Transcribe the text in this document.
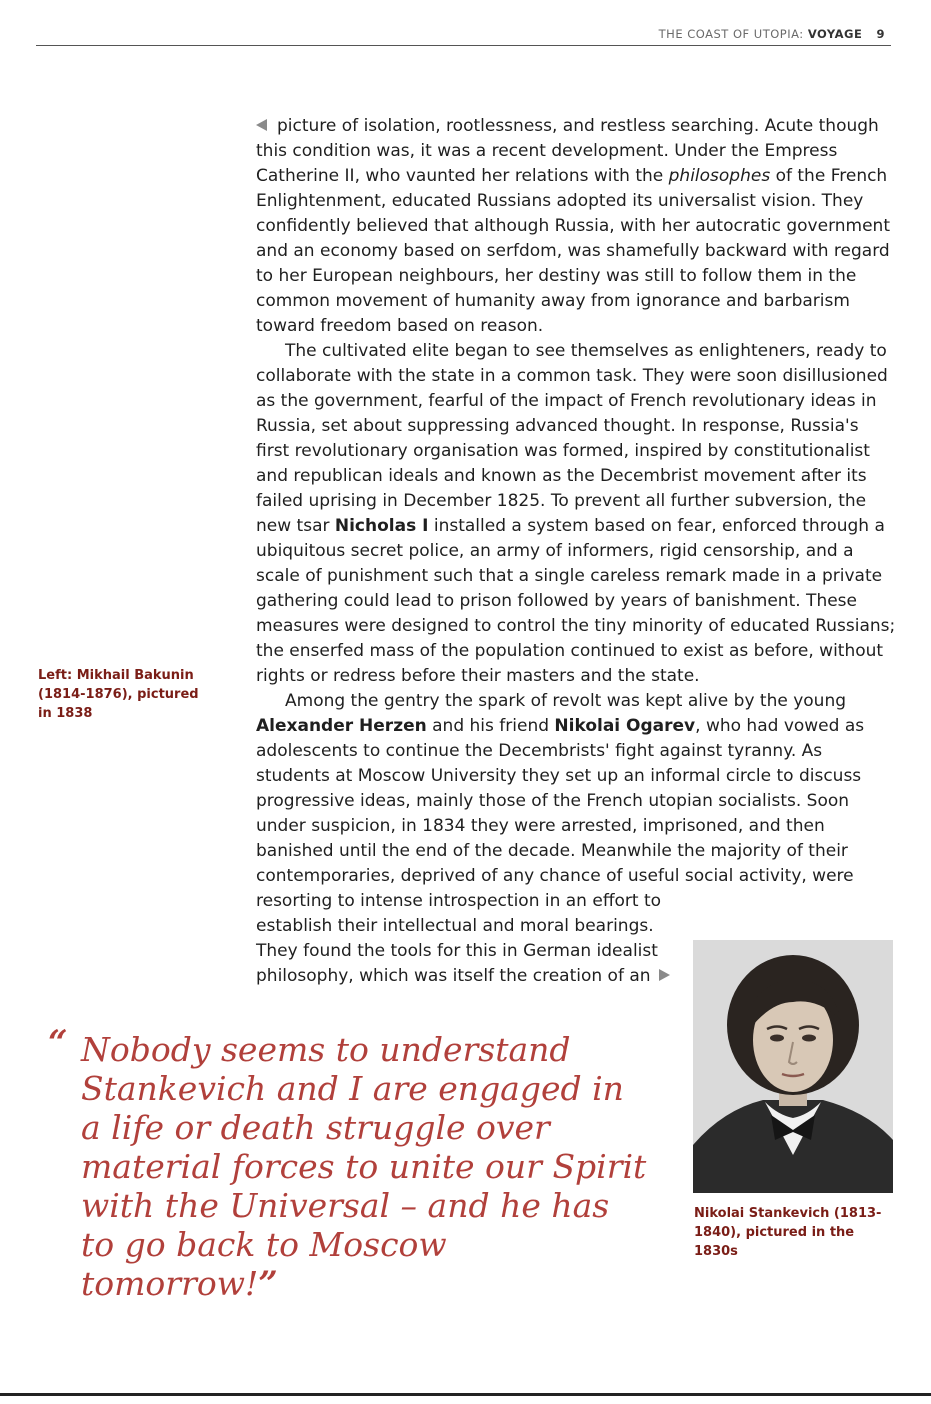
THE COAST OF UTOPIA: VOYAGE 9

picture of isolation, rootlessness, and restless searching. Acute though this condition was, it was a recent development. Under the Empress Catherine II, who vaunted her relations with the philosophes of the French Enlightenment, educated Russians adopted its universalist vision. They confidently believed that although Russia, with her autocratic government and an economy based on serfdom, was shamefully backward with regard to her European neighbours, her destiny was still to follow them in the common movement of humanity away from ignorance and barbarism toward freedom based on reason.

The cultivated elite began to see themselves as enlighteners, ready to collaborate with the state in a common task. They were soon disillusioned as the government, fearful of the impact of French revolutionary ideas in Russia, set about suppressing advanced thought. In response, Russia's first revolutionary organisation was formed, inspired by constitutionalist and republican ideals and known as the Decembrist movement after its failed uprising in December 1825. To prevent all further subversion, the new tsar Nicholas I installed a system based on fear, enforced through a ubiquitous secret police, an army of informers, rigid censorship, and a scale of punishment such that a single careless remark made in a private gathering could lead to prison followed by years of banishment. These measures were designed to control the tiny minority of educated Russians; the enserfed mass of the population continued to exist as before, without rights or redress before their masters and the state.

Among the gentry the spark of revolt was kept alive by the young Alexander Herzen and his friend Nikolai Ogarev, who had vowed as adolescents to continue the Decembrists' fight against tyranny. As students at Moscow University they set up an informal circle to discuss progressive ideas, mainly those of the French utopian socialists. Soon under suspicion, in 1834 they were arrested, imprisoned, and then banished until the end of the decade. Meanwhile the majority of their contemporaries, deprived of any chance of useful social activity, were

resorting to intense introspection in an effort to establish their intellectual and moral bearings. They found the tools for this in German idealist philosophy, which was itself the creation of an

Left: Mikhail Bakunin (1814-1876), pictured in 1838
“ Nobody seems to understand Stankevich and I are engaged in a life or death struggle over material forces to unite our Spirit with the Universal – and he has to go back to Moscow tomorrow!”
Nikolai Stankevich (1813-1840), pictured in the 1830s
